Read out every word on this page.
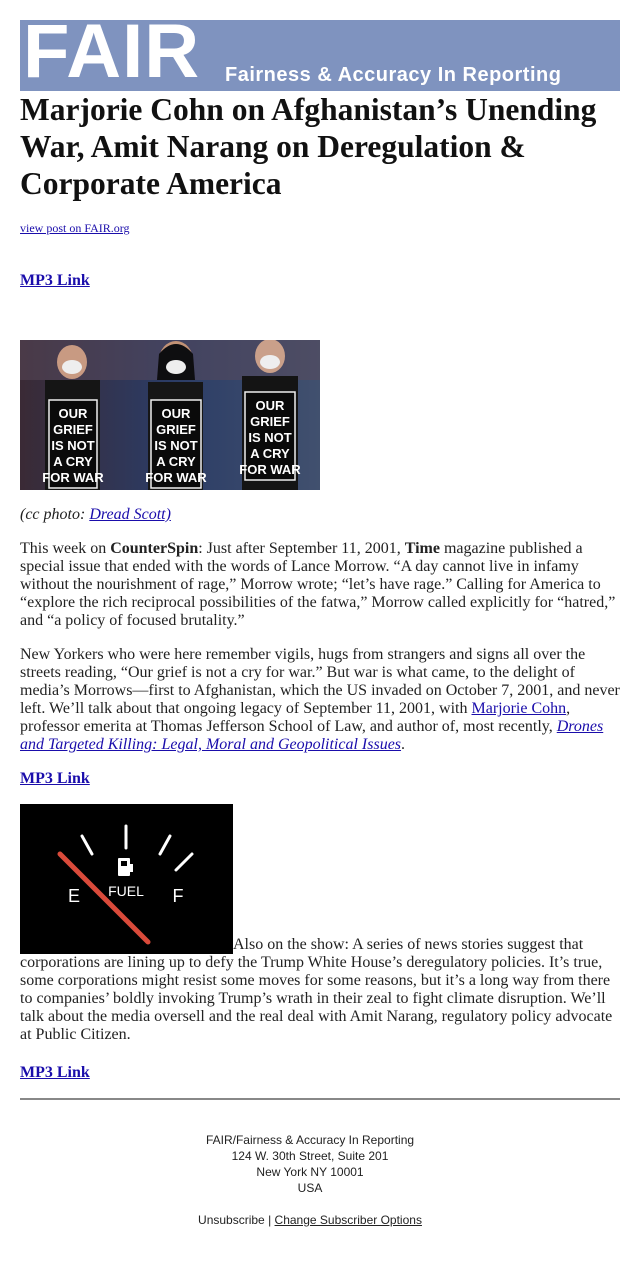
FAIR Fairness & Accuracy In Reporting
Marjorie Cohn on Afghanistan’s Unending War, Amit Narang on Deregulation & Corporate America
view post on FAIR.org
MP3 Link
OUR
GRIEF
IS NOT
A CRY
FOR WAR
OUR
GRIEF
IS NOT
A CRY
FOR WAR
OUR
GRIEF
IS NOT
A CRY
FOR WAR
(cc photo: Dread Scott)

This week on CounterSpin: Just after September 11, 2001, Time magazine published a special issue that ended with the words of Lance Morrow. “A day cannot live in infamy without the nourishment of rage,” Morrow wrote; “let’s have rage.” Calling for America to “explore the rich reciprocal possibilities of the fatwa,” Morrow called explicitly for “hatred,” and “a policy of focused brutality.”

New Yorkers who were here remember vigils, hugs from strangers and signs all over the streets reading, “Our grief is not a cry for war.” But war is what came, to the delight of media’s Morrows—first to Afghanistan, which the US invaded on October 7, 2001, and never left. We’ll talk about that ongoing legacy of September 11, 2001, with Marjorie Cohn, professor emerita at Thomas Jefferson School of Law, and author of, most recently, Drones and Targeted Killing: Legal, Moral and Geopolitical Issues.

MP3 Link

FUEL
E	F
Also on the show: A series of news stories suggest that corporations are lining up to defy the Trump White House’s deregulatory policies. It’s true, some corporations might resist some moves for some reasons, but it’s a long way from there to companies’ boldly invoking Trump’s wrath in their zeal to fight climate disruption. We’ll talk about the media oversell and the real deal with Amit Narang, regulatory policy advocate at Public Citizen.

MP3 Link
FAIR/Fairness & Accuracy In Reporting
124 W. 30th Street, Suite 201
New York NY 10001
USA
Unsubscribe | Change Subscriber Options
